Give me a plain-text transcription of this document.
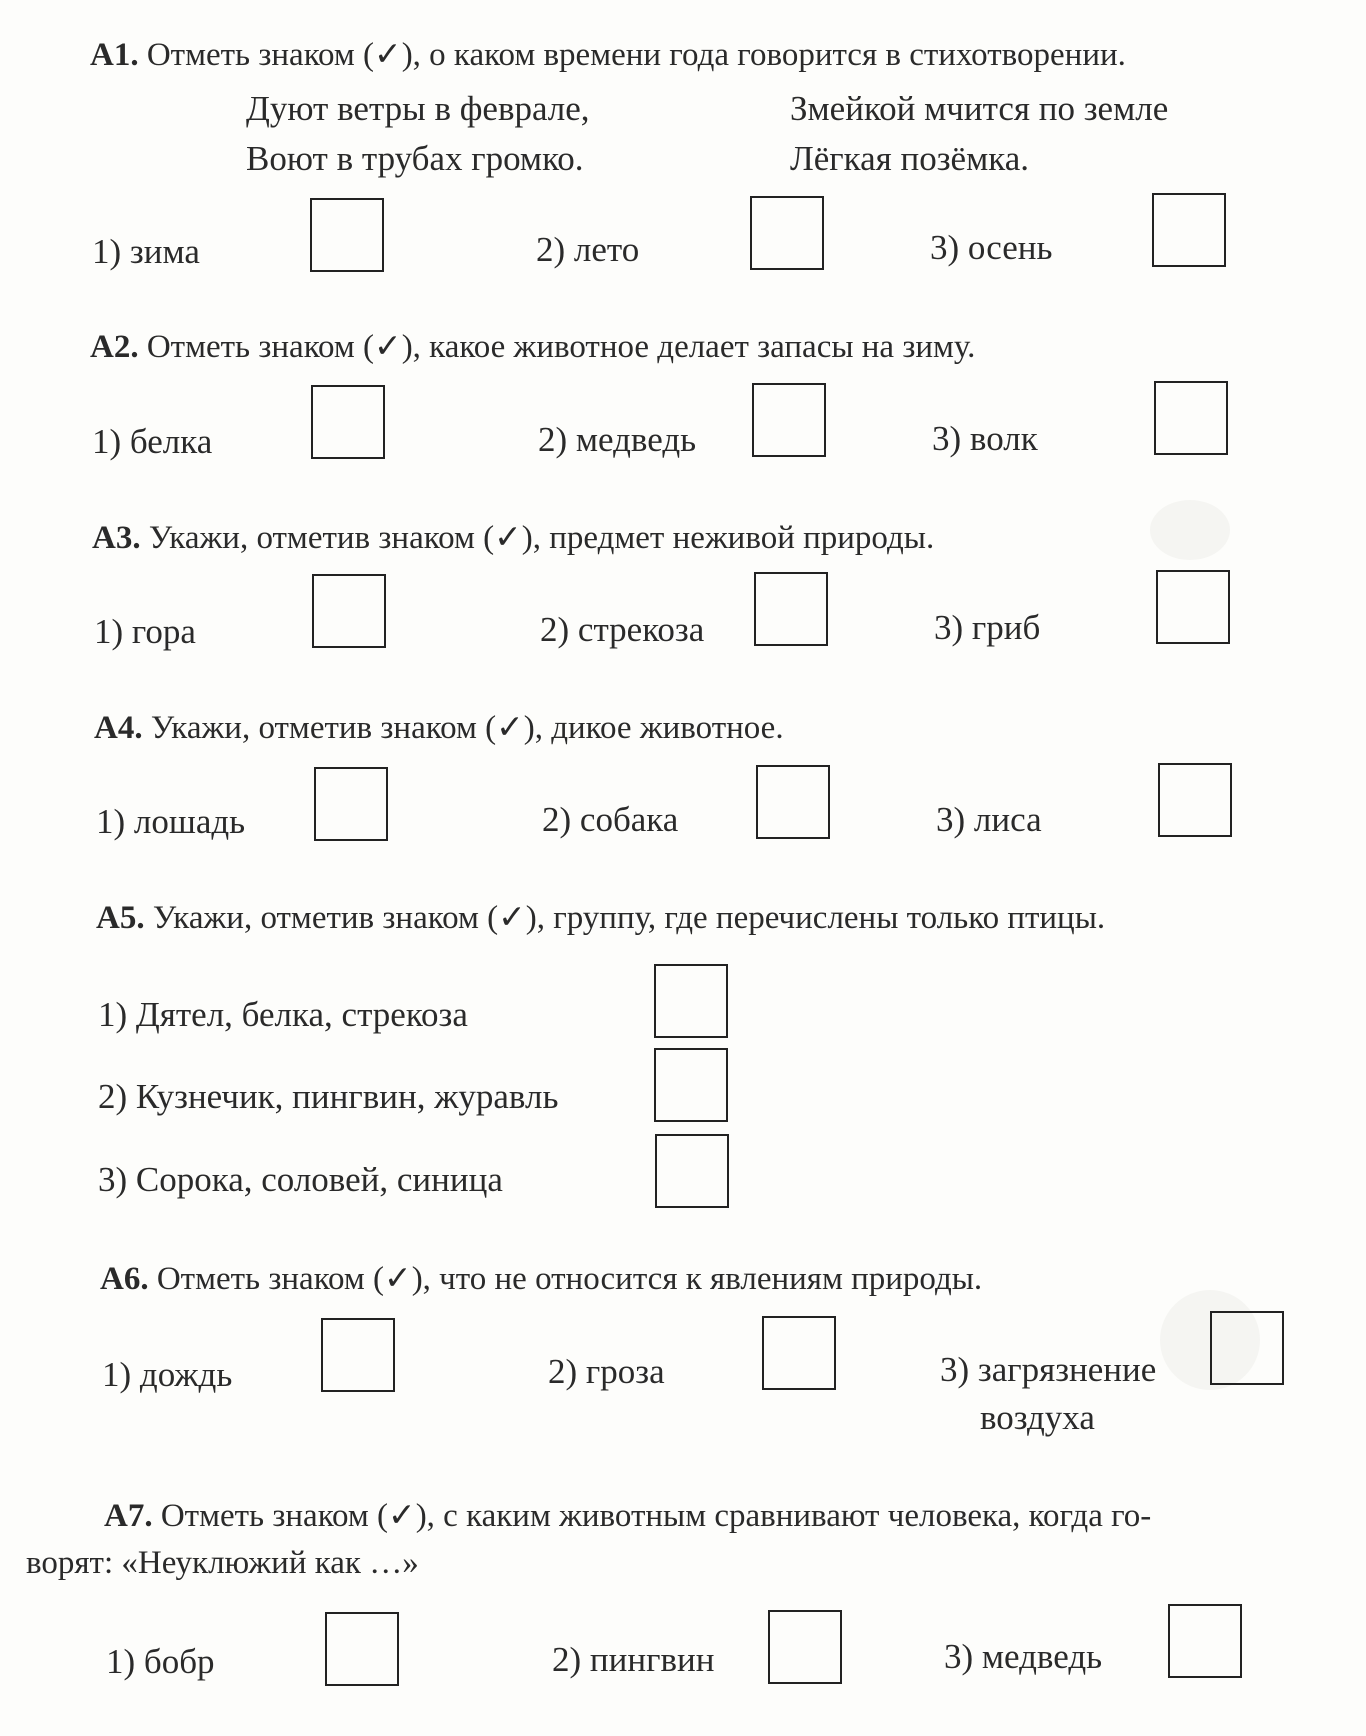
А1. Отметь знаком (✓), о каком времени года говорится в стихотворении.
Дуют ветры в феврале,
Воют в трубах громко.
Змейкой мчится по земле
Лёгкая позёмка.
1) зима	2) лето	3) осень
А2. Отметь знаком (✓), какое животное делает запасы на зиму.
1) белка	2) медведь	3) волк
А3. Укажи, отметив знаком (✓), предмет неживой природы.
1) гора	2) стрекоза	3) гриб
А4. Укажи, отметив знаком (✓), дикое животное.
1) лошадь	2) собака	3) лиса
А5. Укажи, отметив знаком (✓), группу, где перечислены только птицы.
1) Дятел, белка, стрекоза
2) Кузнечик, пингвин, журавль
3) Сорока, соловей, синица
А6. Отметь знаком (✓), что не относится к явлениям природы.
1) дождь	2) гроза	3) загрязнение
воздуха
А7. Отметь знаком (✓), с каким животным сравнивают человека, когда го-
ворят: «Неуклюжий как …»
1) бобр	2) пингвин	3) медведь
